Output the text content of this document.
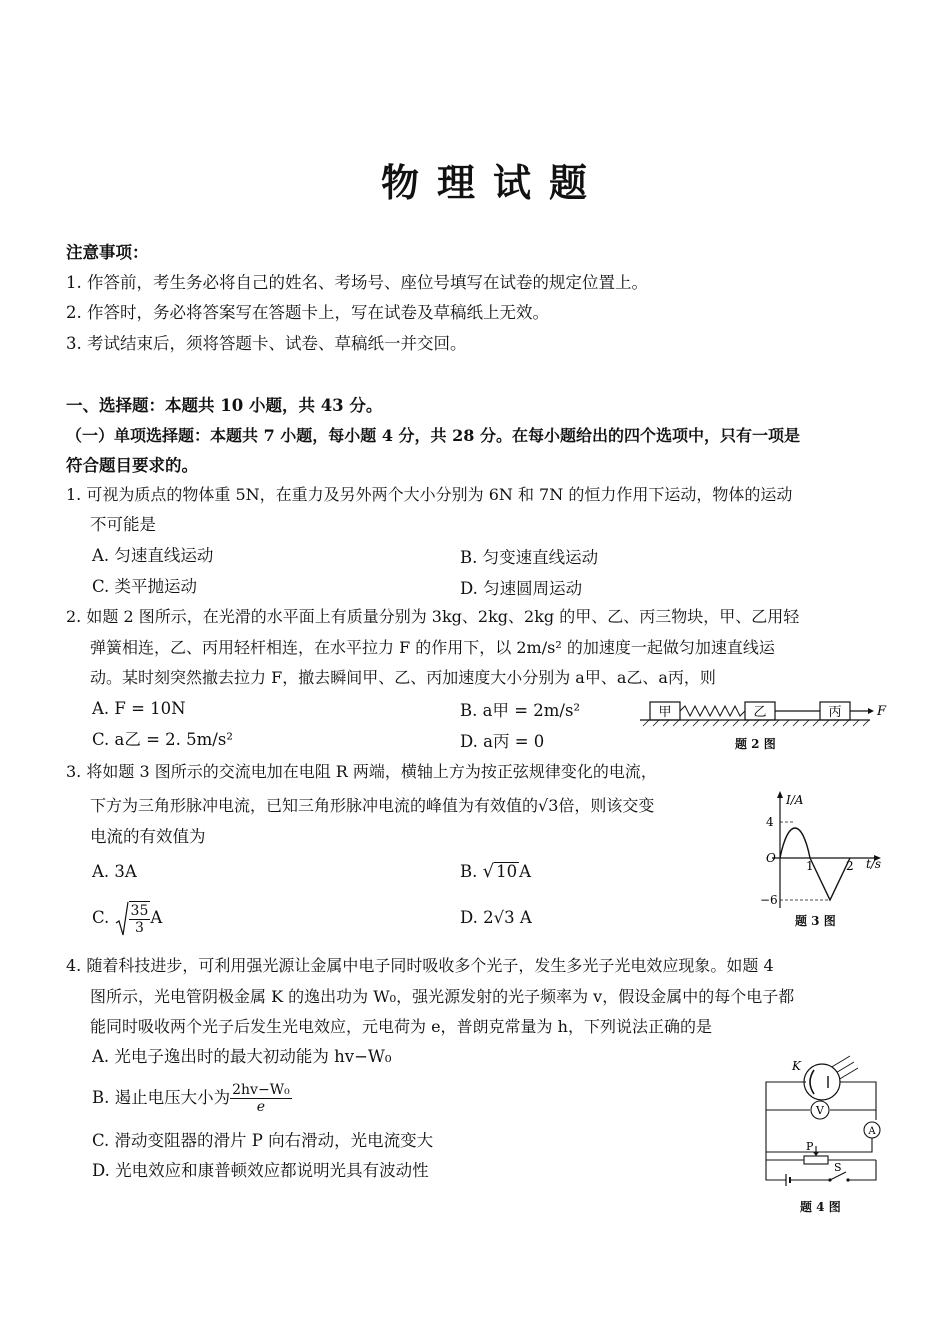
物理试题
注意事项：
1. 作答前，考生务必将自己的姓名、考场号、座位号填写在试卷的规定位置上。
2. 作答时，务必将答案写在答题卡上，写在试卷及草稿纸上无效。
3. 考试结束后，须将答题卡、试卷、草稿纸一并交回。
一、选择题：本题共 10 小题，共 43 分。
（一）单项选择题：本题共 7 小题，每小题 4 分，共 28 分。在每小题给出的四个选项中，只有一项是
符合题目要求的。
1. 可视为质点的物体重 5N，在重力及另外两个大小分别为 6N 和 7N 的恒力作用下运动，物体的运动
不可能是
A. 匀速直线运动	B. 匀变速直线运动
C. 类平抛运动	D. 匀速圆周运动
2. 如题 2 图所示，在光滑的水平面上有质量分别为 3kg、2kg、2kg 的甲、乙、丙三物块，甲、乙用轻
弹簧相连，乙、丙用轻杆相连，在水平拉力 F 的作用下，以 2m/s² 的加速度一起做匀加速直线运
动。某时刻突然撤去拉力 F，撤去瞬间甲、乙、丙加速度大小分别为 a甲、a乙、a丙，则
A. F = 10N	B. a甲 = 2m/s²
C. a乙 = 2. 5m/s²	D. a丙 = 0
甲	乙	丙	F
题 2 图
3. 将如题 3 图所示的交流电加在电阻 R 两端，横轴上方为按正弦规律变化的电流，
下方为三角形脉冲电流，已知三角形脉冲电流的峰值为有效值的√3倍，则该交变
电流的有效值为
A. 3A	B. √ 10 A
C. $\frac{35}{3}$ A	D. 2√3 A
I/A
t/s
O
4
−6
1	2
题 3 图
4. 随着科技进步，可利用强光源让金属中电子同时吸收多个光子，发生多光子光电效应现象。如题 4
图所示，光电管阴极金属 K 的逸出功为 W₀，强光源发射的光子频率为 v，假设金属中的每个电子都
能同时吸收两个光子后发生光电效应，元电荷为 e，普朗克常量为 h，下列说法正确的是
A. 光电子逸出时的最大初动能为 hv−W₀
B. 遏止电压大小为 $\frac{\text{2hv−W₀}}{e}$
C. 滑动变阻器的滑片 P 向右滑动，光电流变大
D. 光电效应和康普顿效应都说明光具有波动性
K
V
A
P
S
题 4 图
